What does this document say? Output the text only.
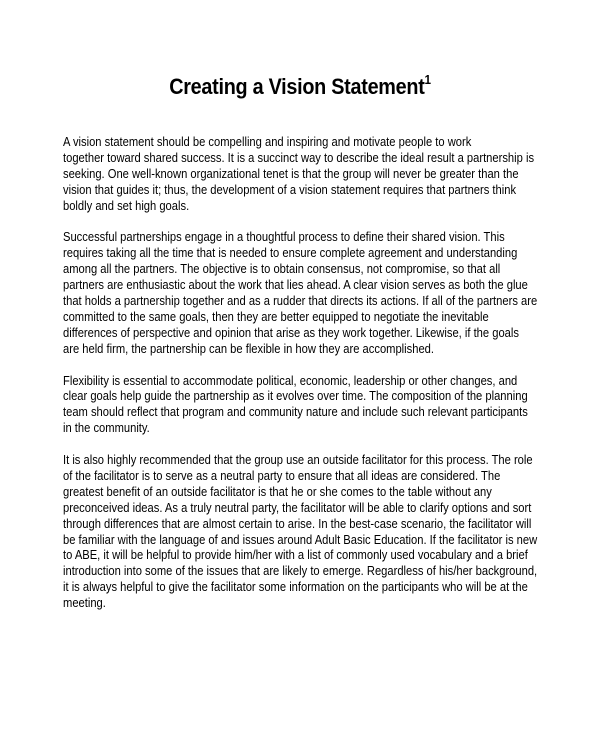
Creating a Vision Statement$^1$

A vision statement should be compelling and inspiring and motivate people to work
together toward shared success. It is a succinct way to describe the ideal result a partnership is
seeking. One well-known organizational tenet is that the group will never be greater than the
vision that guides it; thus, the development of a vision statement requires that partners think
boldly and set high goals.

Successful partnerships engage in a thoughtful process to define their shared vision. This
requires taking all the time that is needed to ensure complete agreement and understanding
among all the partners. The objective is to obtain consensus, not compromise, so that all
partners are enthusiastic about the work that lies ahead. A clear vision serves as both the glue
that holds a partnership together and as a rudder that directs its actions. If all of the partners are
committed to the same goals, then they are better equipped to negotiate the inevitable
differences of perspective and opinion that arise as they work together. Likewise, if the goals
are held firm, the partnership can be flexible in how they are accomplished.

Flexibility is essential to accommodate political, economic, leadership or other changes, and
clear goals help guide the partnership as it evolves over time. The composition of the planning
team should reflect that program and community nature and include such relevant participants
in the community.

It is also highly recommended that the group use an outside facilitator for this process. The role
of the facilitator is to serve as a neutral party to ensure that all ideas are considered. The
greatest benefit of an outside facilitator is that he or she comes to the table without any
preconceived ideas. As a truly neutral party, the facilitator will be able to clarify options and sort
through differences that are almost certain to arise. In the best-case scenario, the facilitator will
be familiar with the language of and issues around Adult Basic Education. If the facilitator is new
to ABE, it will be helpful to provide him/her with a list of commonly used vocabulary and a brief
introduction into some of the issues that are likely to emerge. Regardless of his/her background,
it is always helpful to give the facilitator some information on the participants who will be at the
meeting.
